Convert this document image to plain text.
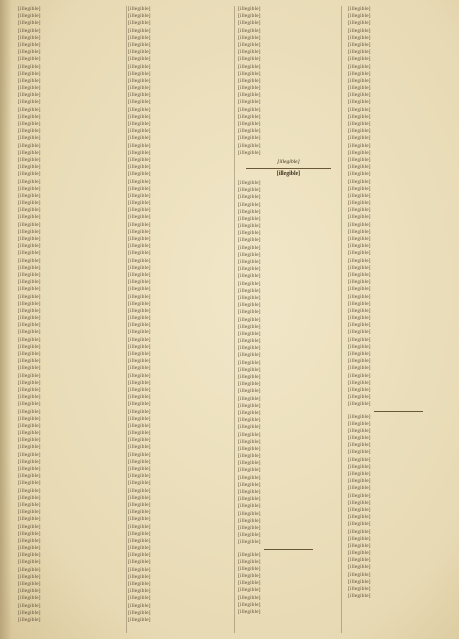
[illegible]
[illegible]
[illegible]
[illegible]
[illegible]
[illegible]
[illegible]
[illegible]
[illegible]
[illegible]
[illegible]
[illegible]
[illegible]
[illegible]
[illegible]
[illegible]
[illegible]
[illegible]
[illegible]
[illegible]
[illegible]
[illegible]
[illegible]
[illegible]
[illegible]
[illegible]
[illegible]
[illegible]
[illegible]
[illegible]
[illegible]
[illegible]
[illegible]
[illegible]
[illegible]
[illegible]
[illegible]
[illegible]
[illegible]
[illegible]
[illegible]
[illegible]
[illegible]
[illegible]
[illegible]
[illegible]
[illegible]
[illegible]
[illegible]
[illegible]
[illegible]
[illegible]
[illegible]
[illegible]
[illegible]
[illegible]
[illegible]
[illegible]
[illegible]
[illegible]
[illegible]
[illegible]
[illegible]
[illegible]
[illegible]
[illegible]
[illegible]
[illegible]
[illegible]
[illegible]
[illegible]
[illegible]
[illegible]
[illegible]
[illegible]
[illegible]
[illegible]
[illegible]
[illegible]
[illegible]
[illegible]
[illegible]
[illegible]
[illegible]
[illegible]
[illegible]
[illegible]
[illegible]
[illegible]
[illegible]
[illegible]
[illegible]
[illegible]
[illegible]
[illegible]
[illegible]
[illegible]
[illegible]
[illegible]
[illegible]
[illegible]
[illegible]
[illegible]
[illegible]
[illegible]
[illegible]
[illegible]
[illegible]
[illegible]
[illegible]
[illegible]
[illegible]
[illegible]
[illegible]
[illegible]
[illegible]
[illegible]
[illegible]
[illegible]
[illegible]
[illegible]
[illegible]
[illegible]
[illegible]
[illegible]
[illegible]
[illegible]
[illegible]
[illegible]
[illegible]
[illegible]
[illegible]
[illegible]
[illegible]
[illegible]
[illegible]
[illegible]
[illegible]
[illegible]
[illegible]
[illegible]
[illegible]
[illegible]
[illegible]
[illegible]
[illegible]
[illegible]
[illegible]
[illegible]
[illegible]
[illegible]
[illegible]
[illegible]
[illegible]
[illegible]
[illegible]
[illegible]
[illegible]
[illegible]
[illegible]
[illegible]
[illegible]
[illegible]
[illegible]
[illegible]
[illegible]
[illegible]
[illegible]
[illegible]
[illegible]
[illegible]
[illegible]
[illegible]
[illegible]
[illegible]
[illegible]
[illegible]
[illegible]
[illegible]
[illegible]
[illegible]
[illegible]
[illegible]
[illegible]
[illegible]
[illegible]
[illegible]
[illegible]
[illegible]
[illegible]
[illegible]
[illegible]
[illegible]
[illegible]
[illegible]
[illegible]
[illegible]
[illegible]
[illegible]
[illegible]
[illegible]
[illegible]
[illegible]
[illegible]
[illegible]
[illegible]
[illegible]
[illegible]
[illegible]
[illegible]
[illegible]
[illegible]
[illegible]
[illegible]
[illegible]
[illegible]
[illegible]
[illegible]
[illegible]
[illegible]
[illegible]
[illegible]
[illegible]
[illegible]
[illegible]
[illegible]
[illegible]
[illegible]
[illegible]
[illegible]
[illegible]
[illegible]
[illegible]
[illegible]
[illegible]
[illegible]
[illegible]
[illegible]
[illegible]
[illegible]
[illegible]
[illegible]
[illegible]
[illegible]
[illegible]
[illegible]
[illegible]
[illegible]
[illegible]
[illegible]
[illegible]
[illegible]
[illegible]
[illegible]
[illegible]
[illegible]
[illegible]
[illegible]
[illegible]
[illegible]
[illegible]
[illegible]
[illegible]
[illegible]
[illegible]
[illegible]
[illegible]
[illegible]
[illegible]
[illegible]
[illegible]
[illegible]
[illegible]
[illegible]
[illegible]
[illegible]
[illegible]
[illegible]
[illegible]
[illegible]
[illegible]
[illegible]
[illegible]
[illegible]
[illegible]
[illegible]
[illegible]
[illegible]
[illegible]
[illegible]
[illegible]
[illegible]
[illegible]
[illegible]
[illegible]
[illegible]
[illegible]
[illegible]
[illegible]
[illegible]
[illegible]
[illegible]
[illegible]
[illegible]
[illegible]
[illegible]
[illegible]
[illegible]
[illegible]
[illegible]
[illegible]
[illegible]
[illegible]
[illegible]
[illegible]
[illegible]
[illegible]
[illegible]
[illegible]
[illegible]
[illegible]
[illegible]
[illegible]
[illegible]
[illegible]
[illegible]
[illegible]
[illegible]
[illegible]
[illegible]
[illegible]
[illegible]
[illegible]
[illegible]
[illegible]
[illegible]
[illegible]
